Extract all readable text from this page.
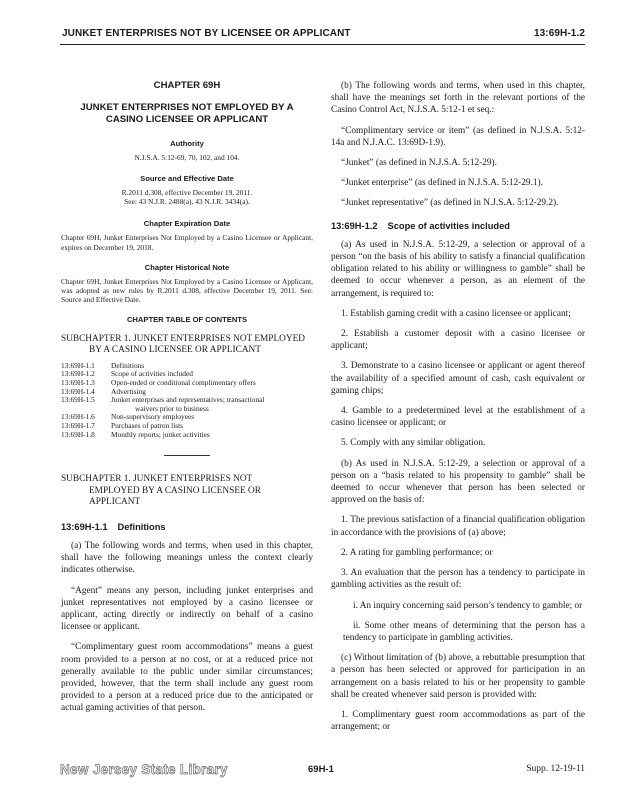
JUNKET ENTERPRISES NOT BY LICENSEE OR APPLICANT	13:69H-1.2
CHAPTER 69H
JUNKET ENTERPRISES NOT EMPLOYED BY A
CASINO LICENSEE OR APPLICANT
Authority
N.J.S.A. 5:12-69, 70, 102, and 104.
Source and Effective Date
R.2011 d.308, effective December 19, 2011.
See: 43 N.J.R. 2488(a), 43 N.J.R. 3434(a).
Chapter Expiration Date
Chapter 69H, Junket Enterprises Not Employed by a Casino Licensee or Applicant, expires on December 19, 2018.
Chapter Historical Note
Chapter 69H, Junket Enterprises Not Employed by a Casino Licensee or Applicant, was adopted as new rules by R.2011 d.308, effective December 19, 2011. See: Source and Effective Date.
CHAPTER TABLE OF CONTENTS
SUBCHAPTER 1. JUNKET ENTERPRISES NOT EMPLOYED
BY A CASINO LICENSEE OR APPLICANT
13:69H-1.1	Definitions
13:69H-1.2	Scope of activities included
13:69H-1.3	Open-ended or conditional complimentary offers
13:69H-1.4	Advertising
13:69H-1.5	Junket enterprises and representatives; transactional
waivers prior to business

13:69H-1.6	Non-supervisory employees
13:69H-1.7	Purchases of patron lists
13:69H-1.8	Monthly reports; junket activities
SUBCHAPTER 1. JUNKET ENTERPRISES NOT
EMPLOYED BY A CASINO LICENSEE OR
APPLICANT
13:69H-1.1 Definitions

(a) The following words and terms, when used in this chapter, shall have the following meanings unless the context clearly indicates otherwise.

“Agent” means any person, including junket enterprises and junket representatives not employed by a casino licensee or applicant, acting directly or indirectly on behalf of a casino licensee or applicant.

“Complimentary guest room accommodations” means a guest room provided to a person at no cost, or at a reduced price not generally available to the public under similar circumstances; provided, however, that the term shall include any guest room provided to a person at a reduced price due to the anticipated or actual gaming activities of that person.

(b) The following words and terms, when used in this chapter, shall have the meanings set forth in the relevant portions of the Casino Control Act, N.J.S.A. 5:12-1 et seq.:

“Complimentary service or item” (as defined in N.J.S.A. 5:12-14a and N.J.A.C. 13:69D-1.9).

“Junket” (as defined in N.J.S.A. 5:12-29).

“Junket enterprise” (as defined in N.J.S.A. 5:12-29.1).

“Junket representative” (as defined in N.J.S.A. 5:12-29.2).

13:69H-1.2 Scope of activities included

(a) As used in N.J.S.A. 5:12-29, a selection or approval of a person “on the basis of his ability to satisfy a financial qualification obligation related to his ability or willingness to gamble” shall be deemed to occur whenever a person, as an element of the arrangement, is required to:

1. Establish gaming credit with a casino licensee or applicant;

2. Establish a customer deposit with a casino licensee or applicant;

3. Demonstrate to a casino licensee or applicant or agent thereof the availability of a specified amount of cash, cash equivalent or gaming chips;

4. Gamble to a predetermined level at the establishment of a casino licensee or applicant; or

5. Comply with any similar obligation.

(b) As used in N.J.S.A. 5:12-29, a selection or approval of a person on a “basis related to his propensity to gamble” shall be deemed to occur whenever that person has been selected or approved on the basis of:

1. The previous satisfaction of a financial qualification obligation in accordance with the provisions of (a) above;

2. A rating for gambling performance; or

3. An evaluation that the person has a tendency to participate in gambling activities as the result of:

i. An inquiry concerning said person’s tendency to gamble; or

ii. Some other means of determining that the person has a tendency to participate in gambling activities.

(c) Without limitation of (b) above, a rebuttable presumption that a person has been selected or approved for participation in an arrangement on a basis related to his or her propensity to gamble shall be created whenever said person is provided with:

1. Complimentary guest room accommodations as part of the arrangement; or

New Jersey State Library	69H-1	Supp. 12-19-11
